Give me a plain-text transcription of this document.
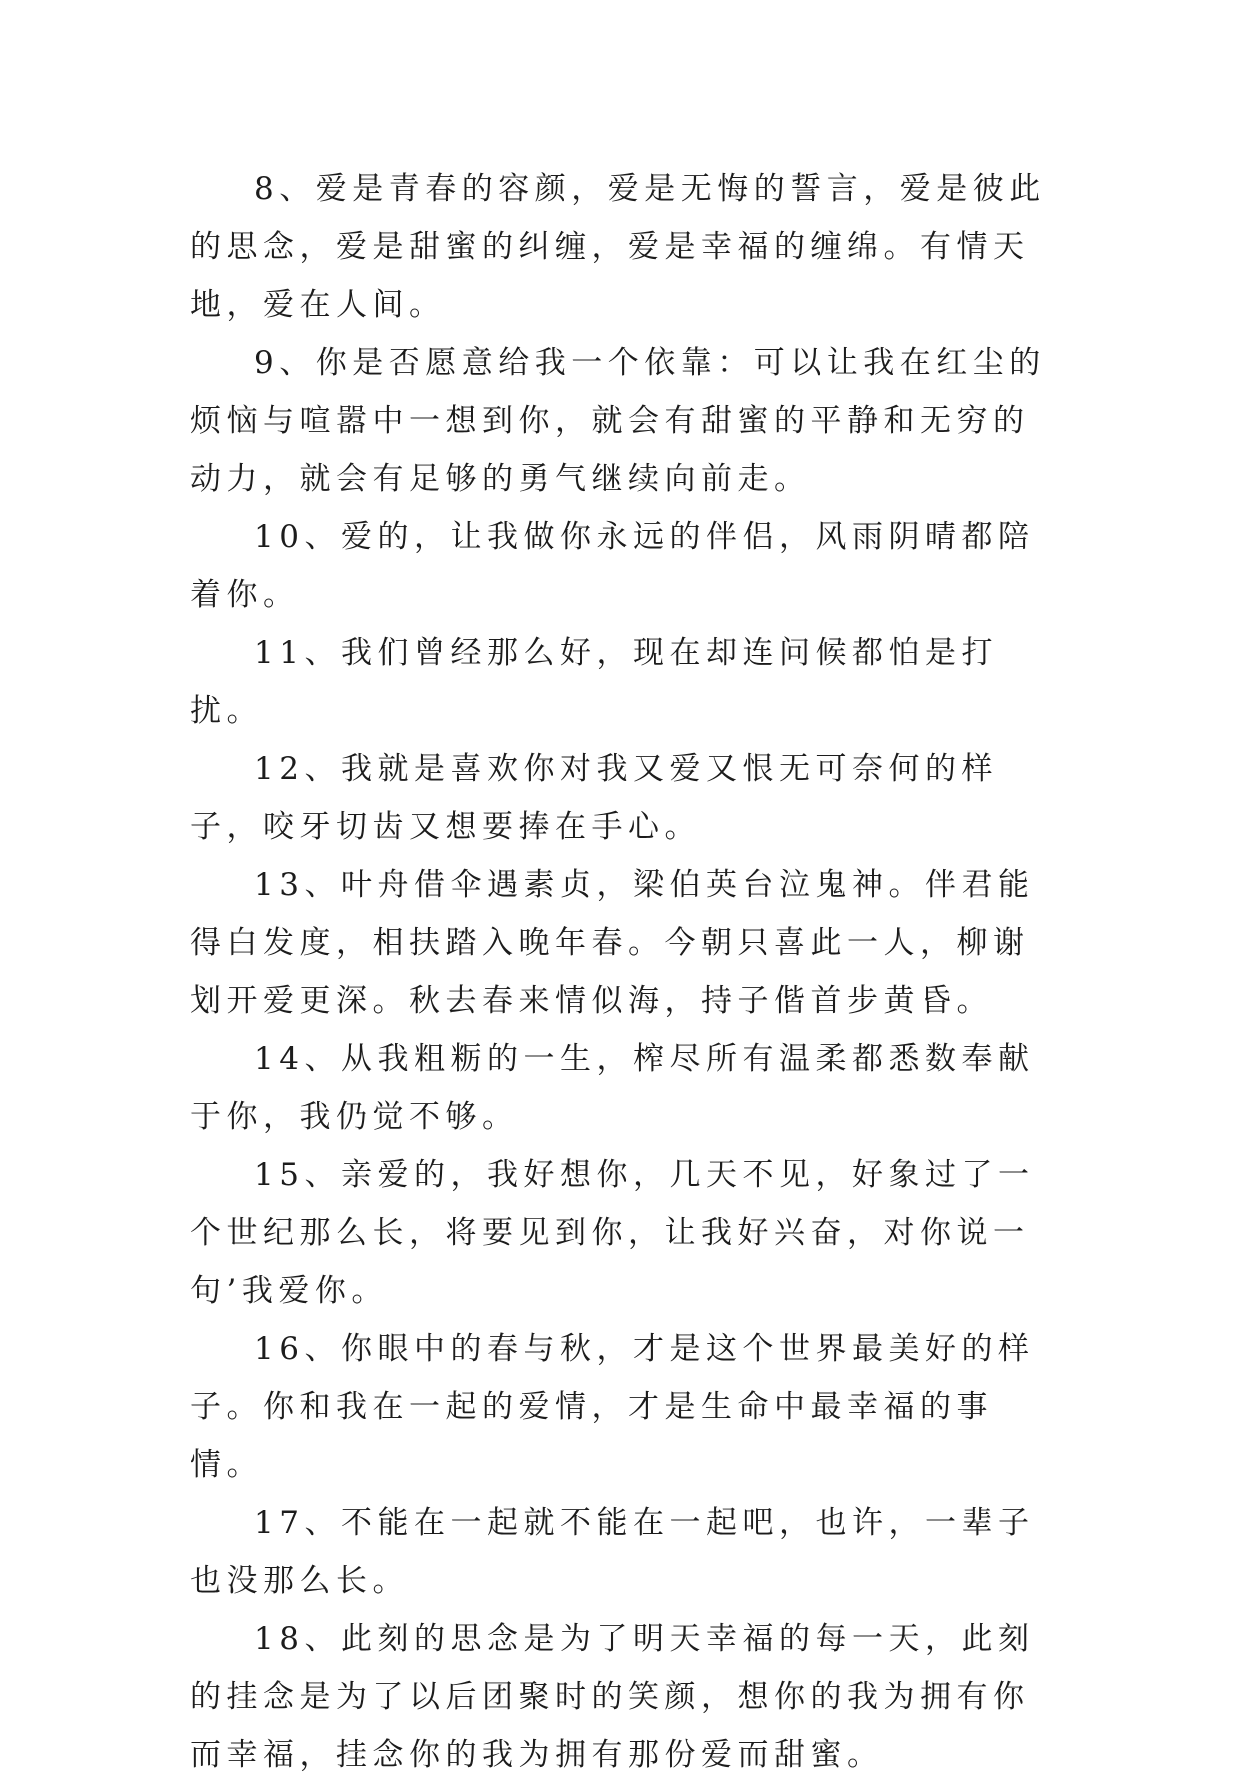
8、爱是青春的容颜，爱是无悔的誓言，爱是彼此的思念，爱是甜蜜的纠缠，爱是幸福的缠绵。有情天地，爱在人间。

9、你是否愿意给我一个依靠：可以让我在红尘的烦恼与喧嚣中一想到你，就会有甜蜜的平静和无穷的动力，就会有足够的勇气继续向前走。

10、爱的，让我做你永远的伴侣，风雨阴晴都陪着你。

11、我们曾经那么好，现在却连问候都怕是打扰。

12、我就是喜欢你对我又爱又恨无可奈何的样子，咬牙切齿又想要捧在手心。

13、叶舟借伞遇素贞，梁伯英台泣鬼神。伴君能得白发度，相扶踏入晚年春。今朝只喜此一人，柳谢划开爱更深。秋去春来情似海，持子偕首步黄昏。

14、从我粗粝的一生，榨尽所有温柔都悉数奉献于你，我仍觉不够。

15、亲爱的，我好想你，几天不见，好象过了一个世纪那么长，将要见到你，让我好兴奋，对你说一句’我爱你。

16、你眼中的春与秋，才是这个世界最美好的样子。你和我在一起的爱情，才是生命中最幸福的事情。

17、不能在一起就不能在一起吧，也许，一辈子也没那么长。

18、此刻的思念是为了明天幸福的每一天，此刻的挂念是为了以后团聚时的笑颜，想你的我为拥有你而幸福，挂念你的我为拥有那份爱而甜蜜。
